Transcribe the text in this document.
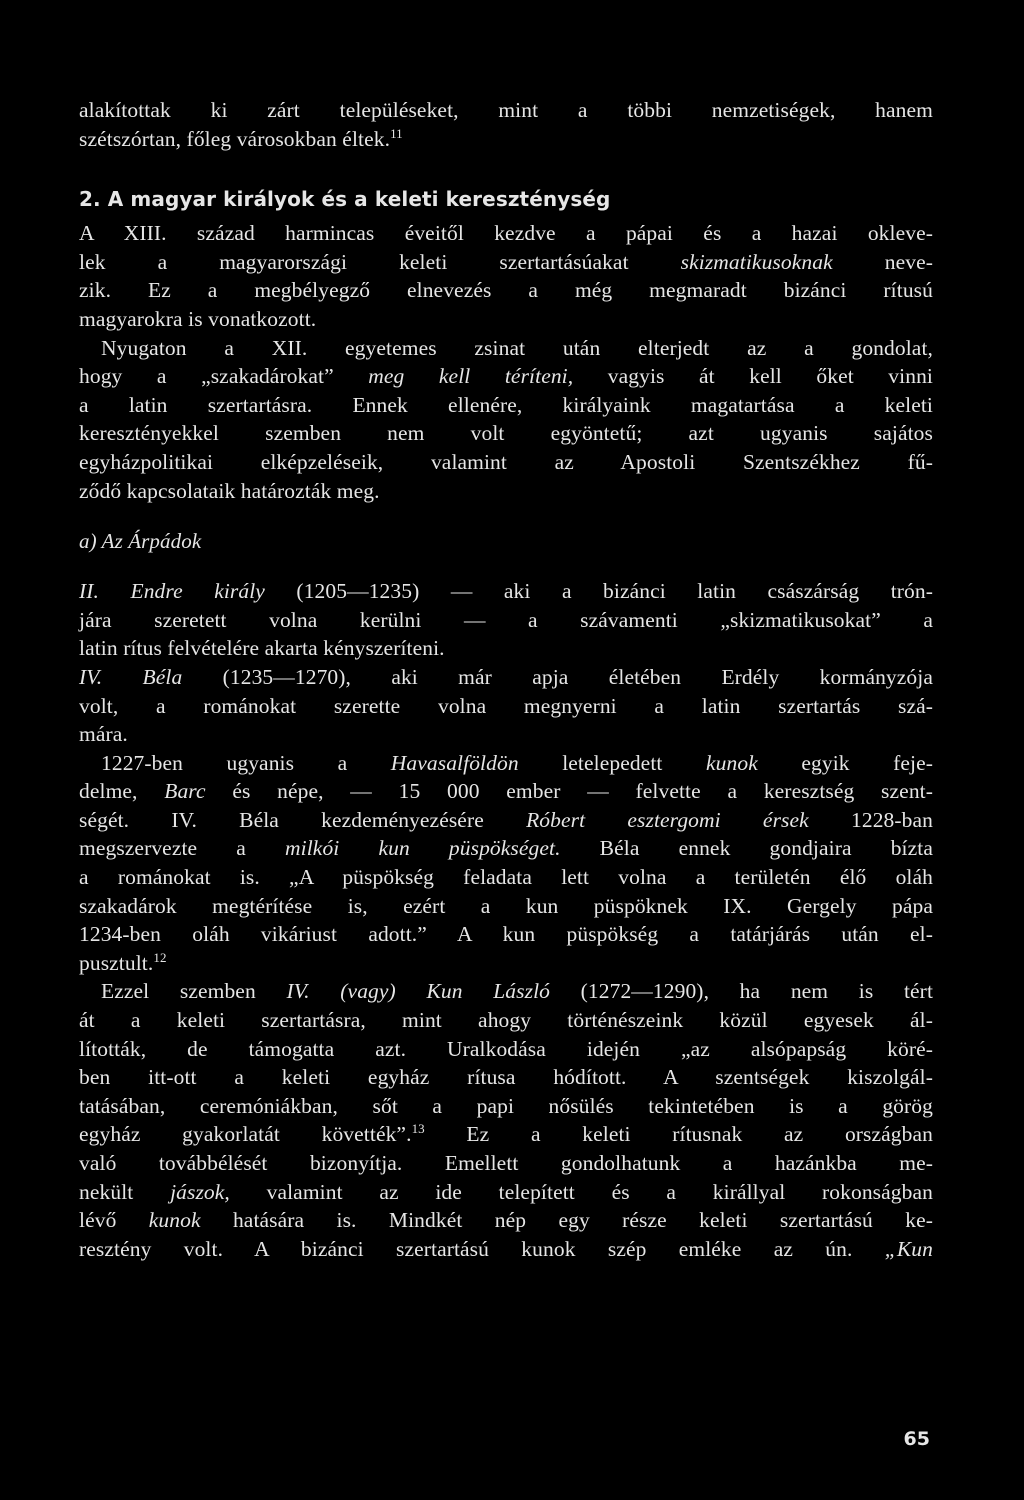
alakítottak ki zárt településeket, mint a többi nemzetiségek, hanem
szétszórtan, főleg városokban éltek.$^{11}$
2. A magyar királyok és a keleti kereszténység
A XIII. század harmincas éveitől kezdve a pápai és a hazai okleve-
lek a magyarországi keleti szertartásúakat skizmatikusoknak neve-
zik. Ez a megbélyegző elnevezés a még megmaradt bizánci rítusú
magyarokra is vonatkozott.
Nyugaton a XII. egyetemes zsinat után elterjedt az a gondolat,
hogy a „szakadárokat” meg kell téríteni, vagyis át kell őket vinni
a latin szertartásra. Ennek ellenére, királyaink magatartása a keleti
keresztényekkel szemben nem volt egyöntetű; azt ugyanis sajátos
egyházpolitikai elképzeléseik, valamint az Apostoli Szentszékhez fű-
ződő kapcsolataik határozták meg.
a) Az Árpádok
II. Endre király (1205—1235) — aki a bizánci latin császárság trón-
jára szeretett volna kerülni — a szávamenti „skizmatikusokat” a
latin rítus felvételére akarta kényszeríteni.
IV. Béla (1235—1270), aki már apja életében Erdély kormányzója
volt, a románokat szerette volna megnyerni a latin szertartás szá-
mára.
1227-ben ugyanis a Havasalföldön letelepedett kunok egyik feje-
delme, Barc és népe, — 15 000 ember — felvette a keresztség szent-
ségét. IV. Béla kezdeményezésére Róbert esztergomi érsek 1228-ban
megszervezte a milkói kun püspökséget. Béla ennek gondjaira bízta
a románokat is. „A püspökség feladata lett volna a területén élő oláh
szakadárok megtérítése is, ezért a kun püspöknek IX. Gergely pápa
1234-ben oláh vikáriust adott.” A kun püspökség a tatárjárás után el-
pusztult.$^{12}$
Ezzel szemben IV. (vagy) Kun László (1272—1290), ha nem is tért
át a keleti szertartásra, mint ahogy történészeink közül egyesek ál-
lították, de támogatta azt. Uralkodása idején „az alsópapság köré-
ben itt-ott a keleti egyház rítusa hódított. A szentségek kiszolgál-
tatásában, ceremóniákban, sőt a papi nősülés tekintetében is a görög
egyház gyakorlatát követték”.$^{13}$ Ez a keleti rítusnak az országban
való továbbélését bizonyítja. Emellett gondolhatunk a hazánkba me-
nekült jászok, valamint az ide telepített és a királlyal rokonságban
lévő kunok hatására is. Mindkét nép egy része keleti szertartású ke-
resztény volt. A bizánci szertartású kunok szép emléke az ún. „Kun
65
